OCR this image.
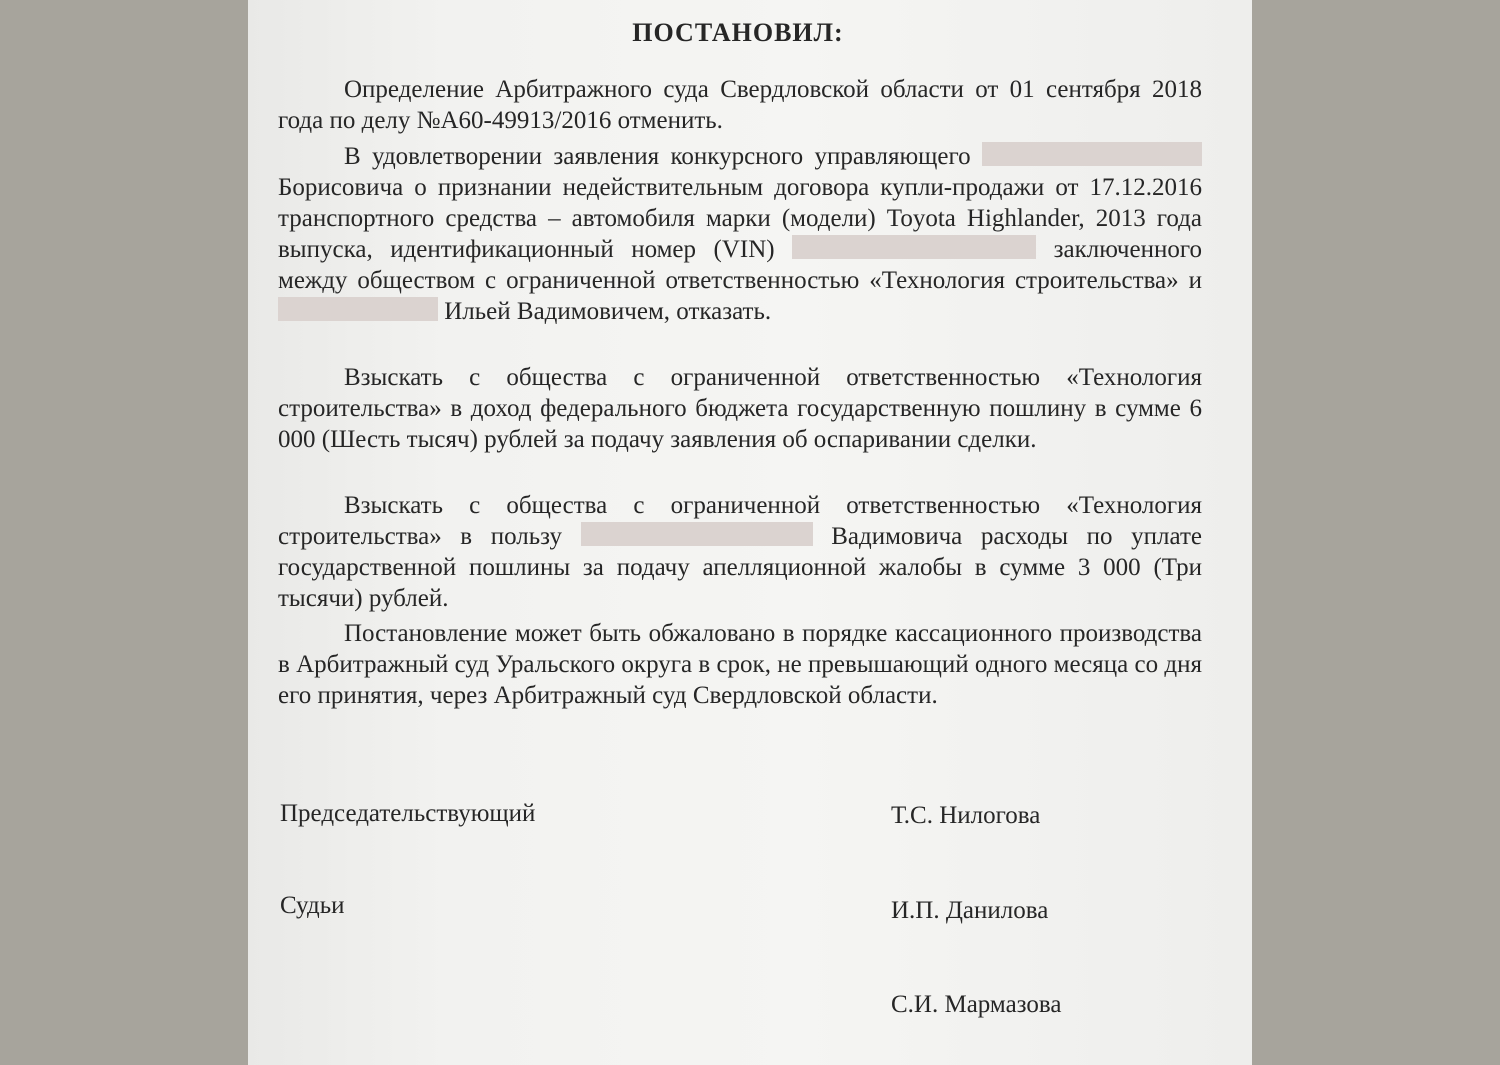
ПОСТАНОВИЛ:
Определение Арбитражного суда Свердловской области от 01 сентября 2018 года по делу №А60-49913/2016 отменить.
В удовлетворении заявления конкурсного управляющего  Борисовича о признании недействительным договора купли-продажи от 17.12.2016 транспортного средства – автомобиля марки (модели) Toyota Highlander, 2013 года выпуска, идентификационный номер (VIN)	заключенного между обществом с ограниченной ответственностью «Технология строительства» и  Ильей Вадимовичем, отказать.
Взыскать с общества с ограниченной ответственностью «Технология строительства» в доход федерального бюджета государственную пошлину в сумме 6 000 (Шесть тысяч) рублей за подачу заявления об оспаривании сделки.
Взыскать с общества с ограниченной ответственностью «Технология строительства» в пользу	Вадимовича расходы по уплате государственной пошлины за подачу апелляционной жалобы в сумме 3 000 (Три тысячи) рублей.
Постановление может быть обжаловано в порядке кассационного производства в Арбитражный суд Уральского округа в срок, не превышающий одного месяца со дня его принятия, через Арбитражный суд Свердловской области.
Председательствующий	Т.С. Нилогова
Судьи	И.П. Данилова
С.И. Мармазова
